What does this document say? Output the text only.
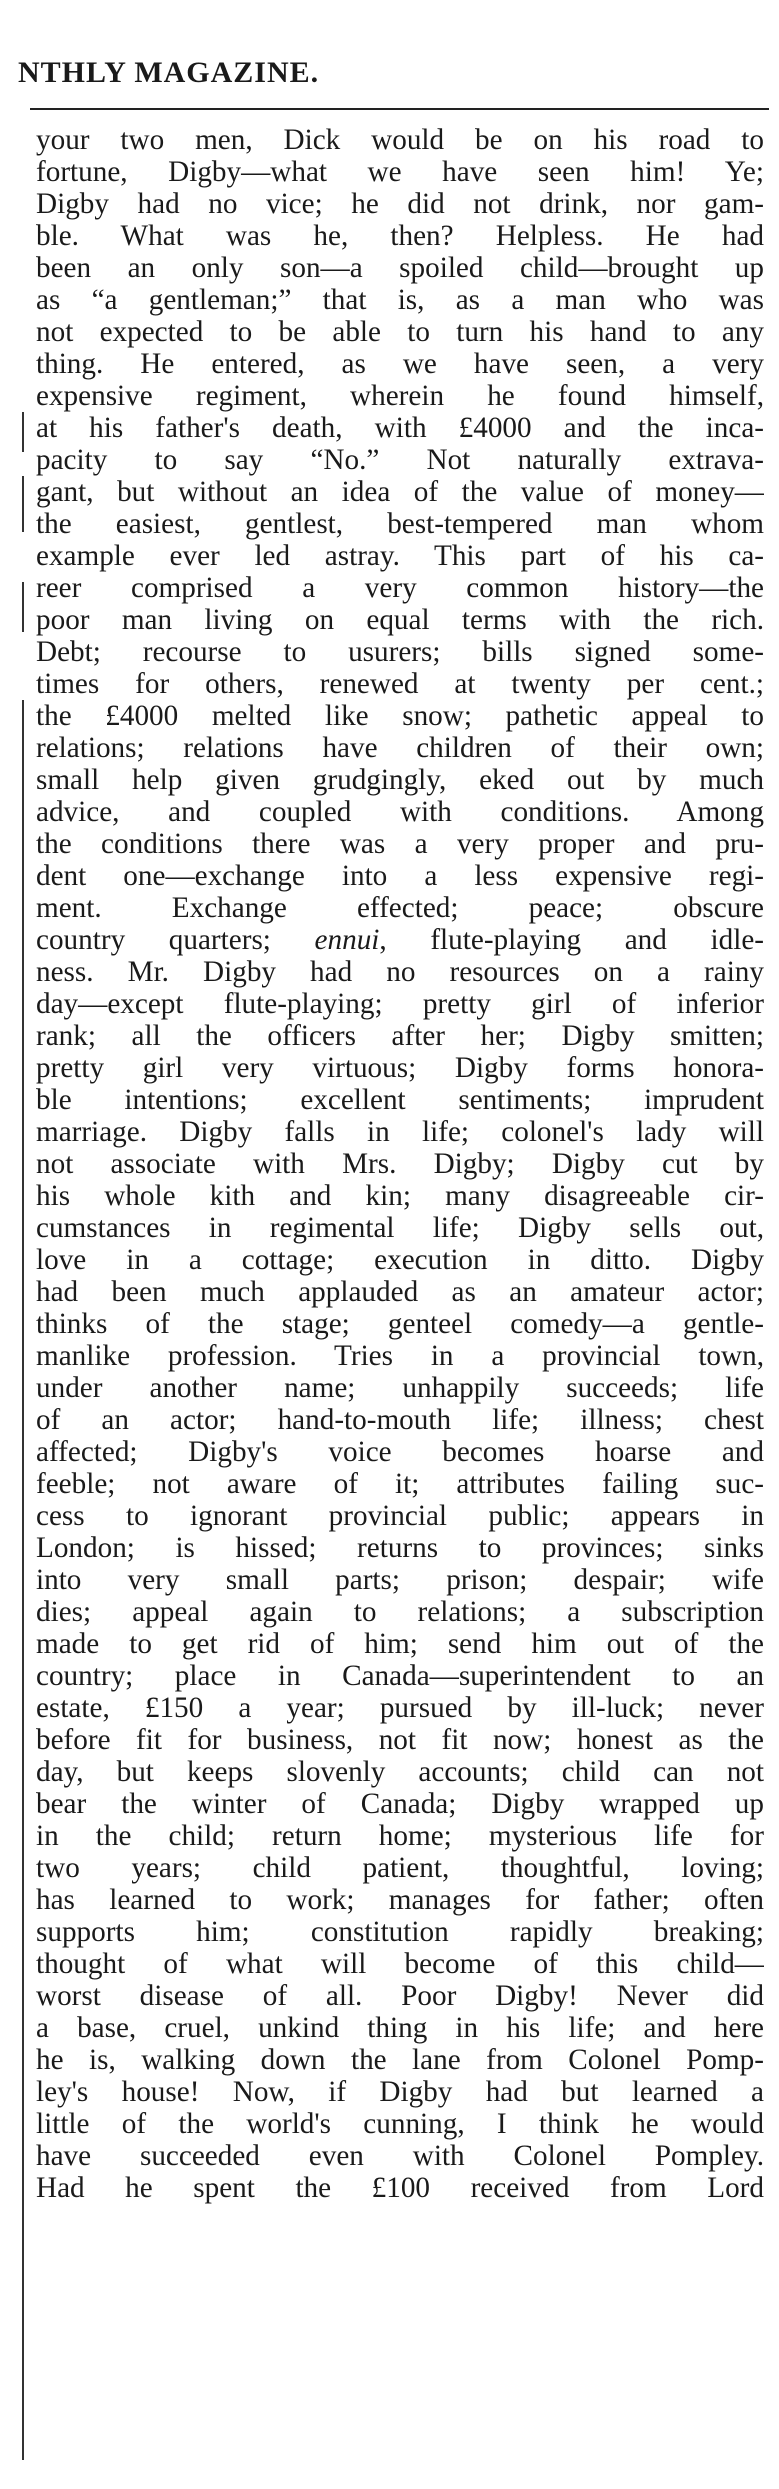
NTHLY MAGAZINE.
your two men, Dick would be on his road to
fortune, Digby—what we have seen him! Ye;
Digby had no vice; he did not drink, nor gam-
ble. What was he, then? Helpless. He had
been an only son—a spoiled child—brought up
as “a gentleman;” that is, as a man who was
not expected to be able to turn his hand to any
thing. He entered, as we have seen, a very
expensive regiment, wherein he found himself,
at his father's death, with £4000 and the inca-
pacity to say “No.” Not naturally extrava-
gant, but without an idea of the value of money—
the easiest, gentlest, best-tempered man whom
example ever led astray. This part of his ca-
reer comprised a very common history—the
poor man living on equal terms with the rich.
Debt; recourse to usurers; bills signed some-
times for others, renewed at twenty per cent.;
the £4000 melted like snow; pathetic appeal to
relations; relations have children of their own;
small help given grudgingly, eked out by much
advice, and coupled with conditions. Among
the conditions there was a very proper and pru-
dent one—exchange into a less expensive regi-
ment. Exchange effected; peace; obscure
country quarters; ennui, flute-playing and idle-
ness. Mr. Digby had no resources on a rainy
day—except flute-playing; pretty girl of inferior
rank; all the officers after her; Digby smitten;
pretty girl very virtuous; Digby forms honora-
ble intentions; excellent sentiments; imprudent
marriage. Digby falls in life; colonel's lady will
not associate with Mrs. Digby; Digby cut by
his whole kith and kin; many disagreeable cir-
cumstances in regimental life; Digby sells out,
love in a cottage; execution in ditto. Digby
had been much applauded as an amateur actor;
thinks of the stage; genteel comedy—a gentle-
manlike profession. Tries in a provincial town,
under another name; unhappily succeeds; life
of an actor; hand-to-mouth life; illness; chest
affected; Digby's voice becomes hoarse and
feeble; not aware of it; attributes failing suc-
cess to ignorant provincial public; appears in
London; is hissed; returns to provinces; sinks
into very small parts; prison; despair; wife
dies; appeal again to relations; a subscription
made to get rid of him; send him out of the
country; place in Canada—superintendent to an
estate, £150 a year; pursued by ill-luck; never
before fit for business, not fit now; honest as the
day, but keeps slovenly accounts; child can not
bear the winter of Canada; Digby wrapped up
in the child; return home; mysterious life for
two years; child patient, thoughtful, loving;
has learned to work; manages for father; often
supports him; constitution rapidly breaking;
thought of what will become of this child—
worst disease of all. Poor Digby! Never did
a base, cruel, unkind thing in his life; and here
he is, walking down the lane from Colonel Pomp-
ley's house! Now, if Digby had but learned a
little of the world's cunning, I think he would
have succeeded even with Colonel Pompley.
Had he spent the £100 received from Lord
